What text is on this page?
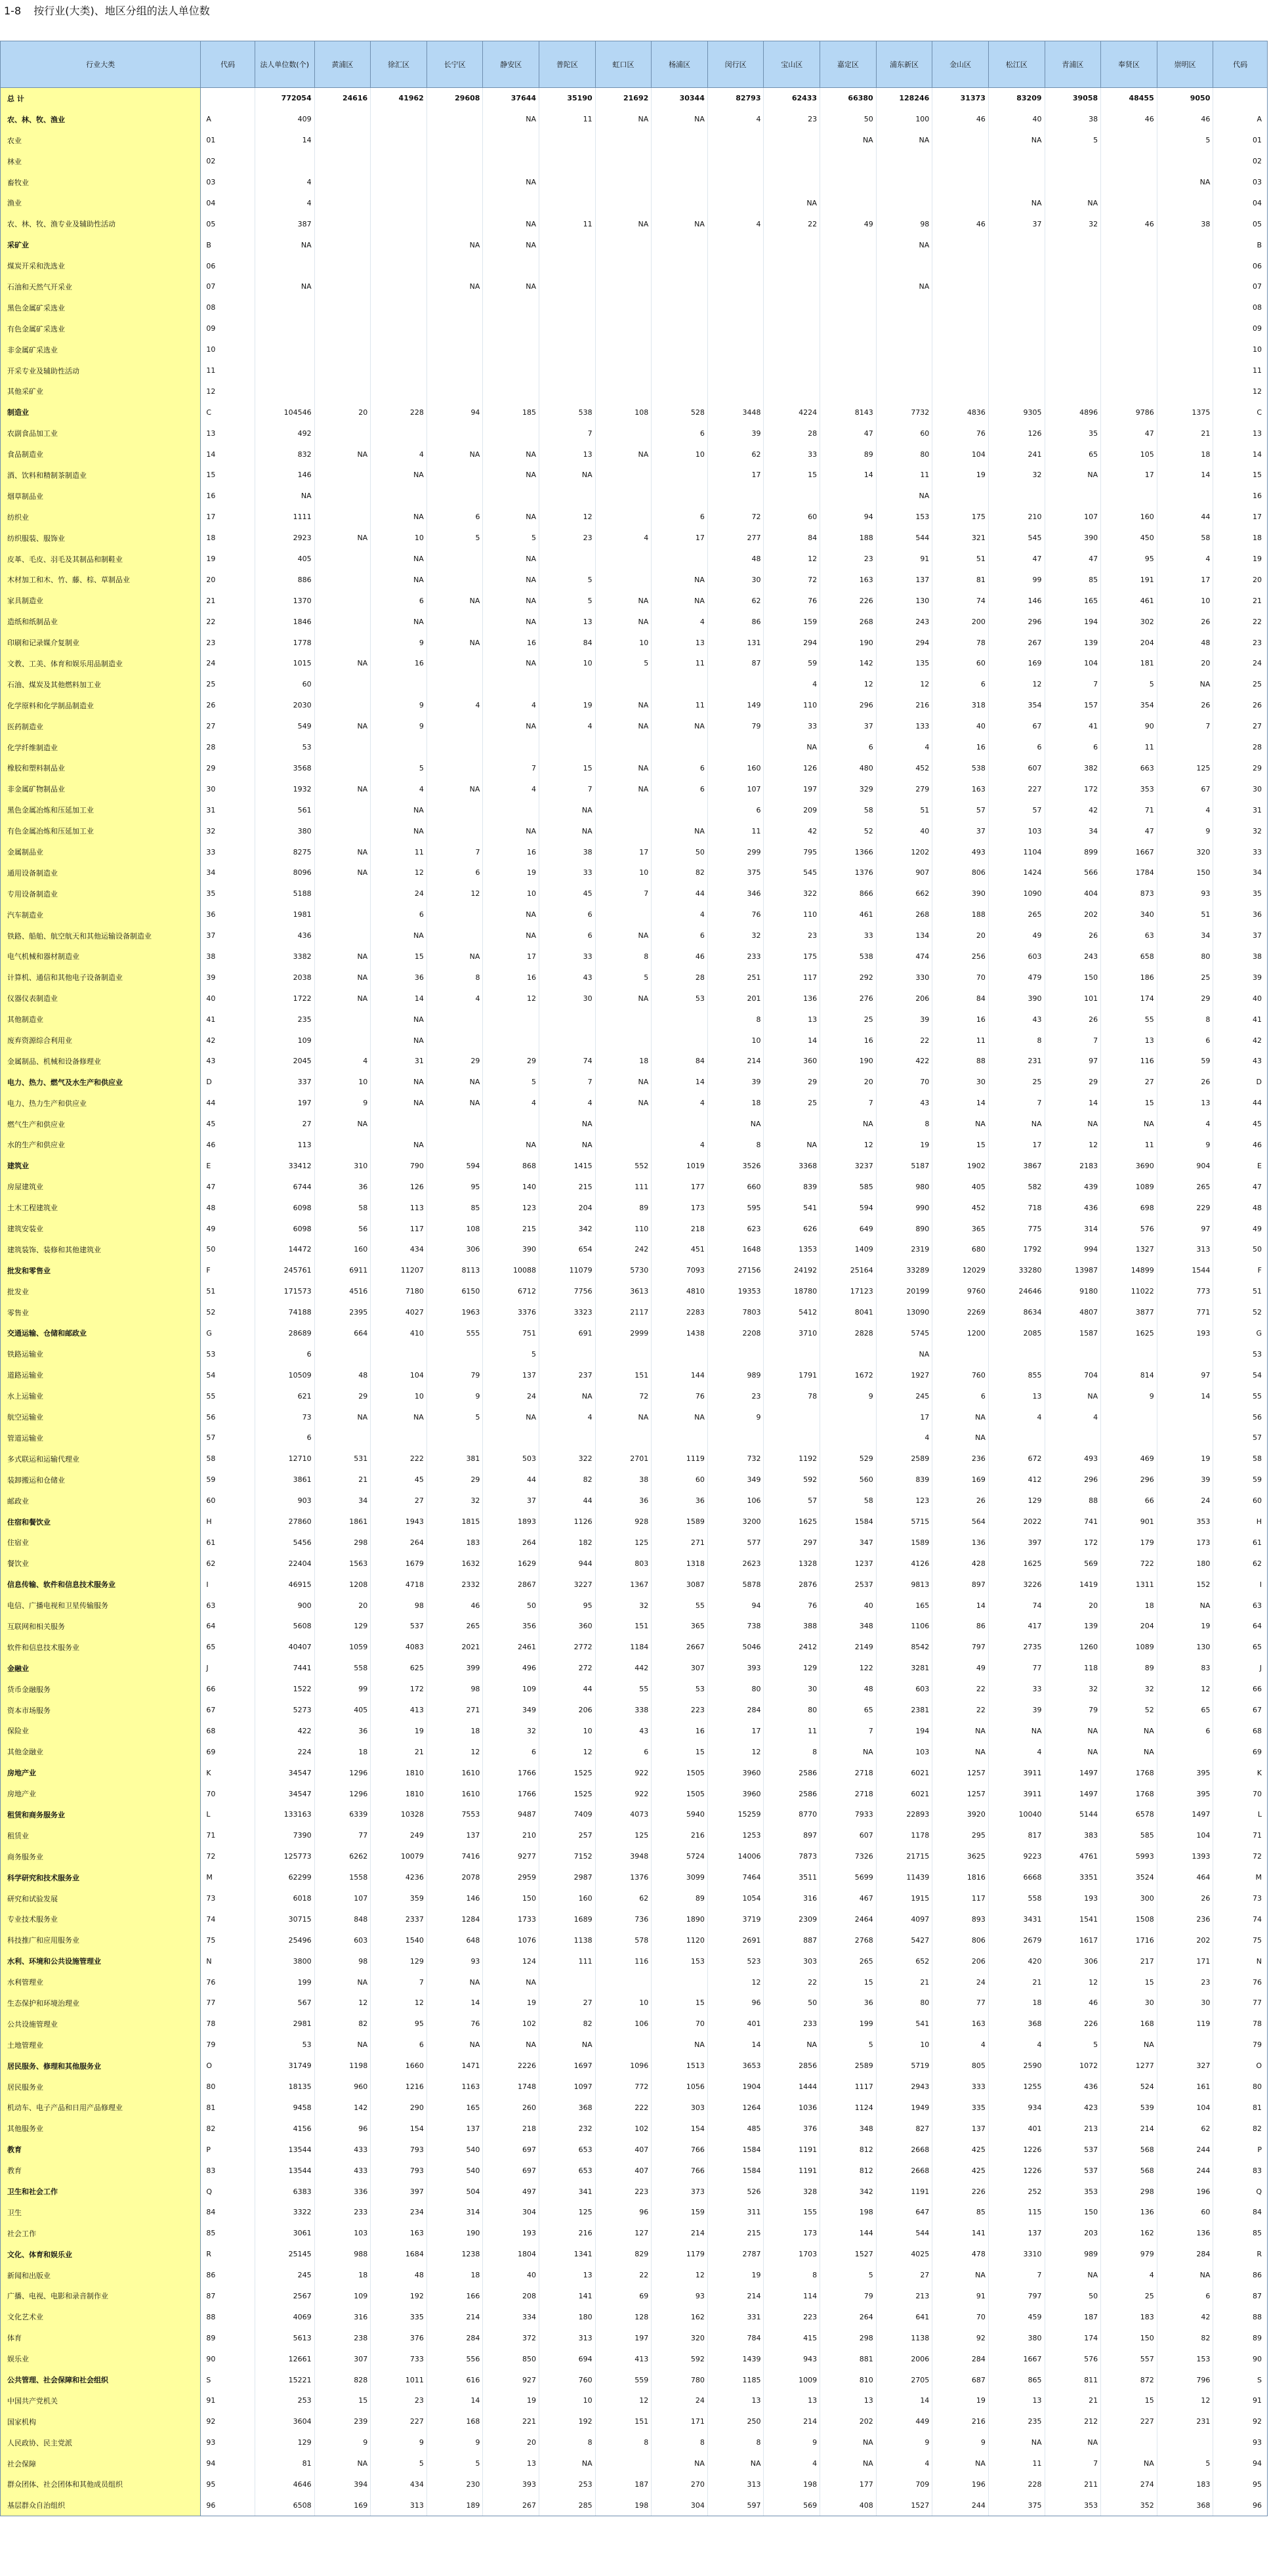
1-8 按行业(大类)、地区分组的法人单位数
行业大类	代码	法人单位数(个)	黄浦区	徐汇区	长宁区	静安区	普陀区	虹口区	杨浦区	闵行区	宝山区	嘉定区	浦东新区	金山区	松江区	青浦区	奉贤区	崇明区	代码
总 计		772054	24616	41962	29608	37644	35190	21692	30344	82793	62433	66380	128246	31373	83209	39058	48455	9050	
农、林、牧、渔业	A	409				NA	11	NA	NA	4	23	50	100	46	40	38	46	46	A
农业	01	14										NA	NA		NA	5		5	01
林业	02																		02
畜牧业	03	4				NA												NA	03
渔业	04	4									NA				NA	NA			04
农、林、牧、渔专业及辅助性活动	05	387				NA	11	NA	NA	4	22	49	98	46	37	32	46	38	05
采矿业	B	NA			NA	NA							NA						B
煤炭开采和洗选业	06																		06
石油和天然气开采业	07	NA			NA	NA							NA						07
黑色金属矿采选业	08																		08
有色金属矿采选业	09																		09
非金属矿采选业	10																		10
开采专业及辅助性活动	11																		11
其他采矿业	12																		12
制造业	C	104546	20	228	94	185	538	108	528	3448	4224	8143	7732	4836	9305	4896	9786	1375	C
农副食品加工业	13	492					7		6	39	28	47	60	76	126	35	47	21	13
食品制造业	14	832	NA	4	NA	NA	13	NA	10	62	33	89	80	104	241	65	105	18	14
酒、饮料和精制茶制造业	15	146		NA		NA	NA			17	15	14	11	19	32	NA	17	14	15
烟草制品业	16	NA											NA						16
纺织业	17	1111		NA	6	NA	12		6	72	60	94	153	175	210	107	160	44	17
纺织服装、服饰业	18	2923	NA	10	5	5	23	4	17	277	84	188	544	321	545	390	450	58	18
皮革、毛皮、羽毛及其制品和制鞋业	19	405		NA		NA				48	12	23	91	51	47	47	95	4	19
木材加工和木、竹、藤、棕、草制品业	20	886		NA		NA	5		NA	30	72	163	137	81	99	85	191	17	20
家具制造业	21	1370		6	NA	NA	5	NA	NA	62	76	226	130	74	146	165	461	10	21
造纸和纸制品业	22	1846		NA		NA	13	NA	4	86	159	268	243	200	296	194	302	26	22
印刷和记录媒介复制业	23	1778		9	NA	16	84	10	13	131	294	190	294	78	267	139	204	48	23
文教、工美、体育和娱乐用品制造业	24	1015	NA	16		NA	10	5	11	87	59	142	135	60	169	104	181	20	24
石油、煤炭及其他燃料加工业	25	60									4	12	12	6	12	7	5	NA	25
化学原料和化学制品制造业	26	2030		9	4	4	19	NA	11	149	110	296	216	318	354	157	354	26	26
医药制造业	27	549	NA	9		NA	4	NA	NA	79	33	37	133	40	67	41	90	7	27
化学纤维制造业	28	53									NA	6	4	16	6	6	11		28
橡胶和塑料制品业	29	3568		5		7	15	NA	6	160	126	480	452	538	607	382	663	125	29
非金属矿物制品业	30	1932	NA	4	NA	4	7	NA	6	107	197	329	279	163	227	172	353	67	30
黑色金属冶炼和压延加工业	31	561		NA			NA			6	209	58	51	57	57	42	71	4	31
有色金属冶炼和压延加工业	32	380		NA		NA	NA		NA	11	42	52	40	37	103	34	47	9	32
金属制品业	33	8275	NA	11	7	16	38	17	50	299	795	1366	1202	493	1104	899	1667	320	33
通用设备制造业	34	8096	NA	12	6	19	33	10	82	375	545	1376	907	806	1424	566	1784	150	34
专用设备制造业	35	5188		24	12	10	45	7	44	346	322	866	662	390	1090	404	873	93	35
汽车制造业	36	1981		6		NA	6		4	76	110	461	268	188	265	202	340	51	36
铁路、船舶、航空航天和其他运输设备制造业	37	436		NA		NA	6	NA	6	32	23	33	134	20	49	26	63	34	37
电气机械和器材制造业	38	3382	NA	15	NA	17	33	8	46	233	175	538	474	256	603	243	658	80	38
计算机、通信和其他电子设备制造业	39	2038	NA	36	8	16	43	5	28	251	117	292	330	70	479	150	186	25	39
仪器仪表制造业	40	1722	NA	14	4	12	30	NA	53	201	136	276	206	84	390	101	174	29	40
其他制造业	41	235		NA						8	13	25	39	16	43	26	55	8	41
废弃资源综合利用业	42	109		NA						10	14	16	22	11	8	7	13	6	42
金属制品、机械和设备修理业	43	2045	4	31	29	29	74	18	84	214	360	190	422	88	231	97	116	59	43
电力、热力、燃气及水生产和供应业	D	337	10	NA	NA	5	7	NA	14	39	29	20	70	30	25	29	27	26	D
电力、热力生产和供应业	44	197	9	NA	NA	4	4	NA	4	18	25	7	43	14	7	14	15	13	44
燃气生产和供应业	45	27	NA				NA			NA		NA	8	NA	NA	NA	NA	4	45
水的生产和供应业	46	113		NA		NA	NA		4	8	NA	12	19	15	17	12	11	9	46
建筑业	E	33412	310	790	594	868	1415	552	1019	3526	3368	3237	5187	1902	3867	2183	3690	904	E
房屋建筑业	47	6744	36	126	95	140	215	111	177	660	839	585	980	405	582	439	1089	265	47
土木工程建筑业	48	6098	58	113	85	123	204	89	173	595	541	594	990	452	718	436	698	229	48
建筑安装业	49	6098	56	117	108	215	342	110	218	623	626	649	890	365	775	314	576	97	49
建筑装饰、装修和其他建筑业	50	14472	160	434	306	390	654	242	451	1648	1353	1409	2319	680	1792	994	1327	313	50
批发和零售业	F	245761	6911	11207	8113	10088	11079	5730	7093	27156	24192	25164	33289	12029	33280	13987	14899	1544	F
批发业	51	171573	4516	7180	6150	6712	7756	3613	4810	19353	18780	17123	20199	9760	24646	9180	11022	773	51
零售业	52	74188	2395	4027	1963	3376	3323	2117	2283	7803	5412	8041	13090	2269	8634	4807	3877	771	52
交通运输、仓储和邮政业	G	28689	664	410	555	751	691	2999	1438	2208	3710	2828	5745	1200	2085	1587	1625	193	G
铁路运输业	53	6				5							NA						53
道路运输业	54	10509	48	104	79	137	237	151	144	989	1791	1672	1927	760	855	704	814	97	54
水上运输业	55	621	29	10	9	24	NA	72	76	23	78	9	245	6	13	NA	9	14	55
航空运输业	56	73	NA	NA	5	NA	4	NA	NA	9			17	NA	4	4			56
管道运输业	57	6											4	NA					57
多式联运和运输代理业	58	12710	531	222	381	503	322	2701	1119	732	1192	529	2589	236	672	493	469	19	58
装卸搬运和仓储业	59	3861	21	45	29	44	82	38	60	349	592	560	839	169	412	296	296	39	59
邮政业	60	903	34	27	32	37	44	36	36	106	57	58	123	26	129	88	66	24	60
住宿和餐饮业	H	27860	1861	1943	1815	1893	1126	928	1589	3200	1625	1584	5715	564	2022	741	901	353	H
住宿业	61	5456	298	264	183	264	182	125	271	577	297	347	1589	136	397	172	179	173	61
餐饮业	62	22404	1563	1679	1632	1629	944	803	1318	2623	1328	1237	4126	428	1625	569	722	180	62
信息传输、软件和信息技术服务业	I	46915	1208	4718	2332	2867	3227	1367	3087	5878	2876	2537	9813	897	3226	1419	1311	152	I
电信、广播电视和卫星传输服务	63	900	20	98	46	50	95	32	55	94	76	40	165	14	74	20	18	NA	63
互联网和相关服务	64	5608	129	537	265	356	360	151	365	738	388	348	1106	86	417	139	204	19	64
软件和信息技术服务业	65	40407	1059	4083	2021	2461	2772	1184	2667	5046	2412	2149	8542	797	2735	1260	1089	130	65
金融业	J	7441	558	625	399	496	272	442	307	393	129	122	3281	49	77	118	89	83	J
货币金融服务	66	1522	99	172	98	109	44	55	53	80	30	48	603	22	33	32	32	12	66
资本市场服务	67	5273	405	413	271	349	206	338	223	284	80	65	2381	22	39	79	52	65	67
保险业	68	422	36	19	18	32	10	43	16	17	11	7	194	NA	NA	NA	NA	6	68
其他金融业	69	224	18	21	12	6	12	6	15	12	8	NA	103	NA	4	NA	NA		69
房地产业	K	34547	1296	1810	1610	1766	1525	922	1505	3960	2586	2718	6021	1257	3911	1497	1768	395	K
房地产业	70	34547	1296	1810	1610	1766	1525	922	1505	3960	2586	2718	6021	1257	3911	1497	1768	395	70
租赁和商务服务业	L	133163	6339	10328	7553	9487	7409	4073	5940	15259	8770	7933	22893	3920	10040	5144	6578	1497	L
租赁业	71	7390	77	249	137	210	257	125	216	1253	897	607	1178	295	817	383	585	104	71
商务服务业	72	125773	6262	10079	7416	9277	7152	3948	5724	14006	7873	7326	21715	3625	9223	4761	5993	1393	72
科学研究和技术服务业	M	62299	1558	4236	2078	2959	2987	1376	3099	7464	3511	5699	11439	1816	6668	3351	3524	464	M
研究和试验发展	73	6018	107	359	146	150	160	62	89	1054	316	467	1915	117	558	193	300	26	73
专业技术服务业	74	30715	848	2337	1284	1733	1689	736	1890	3719	2309	2464	4097	893	3431	1541	1508	236	74
科技推广和应用服务业	75	25496	603	1540	648	1076	1138	578	1120	2691	887	2768	5427	806	2679	1617	1716	202	75
水利、环境和公共设施管理业	N	3800	98	129	93	124	111	116	153	523	303	265	652	206	420	306	217	171	N
水利管理业	76	199	NA	7	NA	NA				12	22	15	21	24	21	12	15	23	76
生态保护和环境治理业	77	567	12	12	14	19	27	10	15	96	50	36	80	77	18	46	30	30	77
公共设施管理业	78	2981	82	95	76	102	82	106	70	401	233	199	541	163	368	226	168	119	78
土地管理业	79	53	NA	6	NA	NA	NA		NA	14	NA	5	10	4	4	5	NA		79
居民服务、修理和其他服务业	O	31749	1198	1660	1471	2226	1697	1096	1513	3653	2856	2589	5719	805	2590	1072	1277	327	O
居民服务业	80	18135	960	1216	1163	1748	1097	772	1056	1904	1444	1117	2943	333	1255	436	524	161	80
机动车、电子产品和日用产品修理业	81	9458	142	290	165	260	368	222	303	1264	1036	1124	1949	335	934	423	539	104	81
其他服务业	82	4156	96	154	137	218	232	102	154	485	376	348	827	137	401	213	214	62	82
教育	P	13544	433	793	540	697	653	407	766	1584	1191	812	2668	425	1226	537	568	244	P
教育	83	13544	433	793	540	697	653	407	766	1584	1191	812	2668	425	1226	537	568	244	83
卫生和社会工作	Q	6383	336	397	504	497	341	223	373	526	328	342	1191	226	252	353	298	196	Q
卫生	84	3322	233	234	314	304	125	96	159	311	155	198	647	85	115	150	136	60	84
社会工作	85	3061	103	163	190	193	216	127	214	215	173	144	544	141	137	203	162	136	85
文化、体育和娱乐业	R	25145	988	1684	1238	1804	1341	829	1179	2787	1703	1527	4025	478	3310	989	979	284	R
新闻和出版业	86	245	18	48	18	40	13	22	12	19	8	5	27	NA	7	NA	4	NA	86
广播、电视、电影和录音制作业	87	2567	109	192	166	208	141	69	93	214	114	79	213	91	797	50	25	6	87
文化艺术业	88	4069	316	335	214	334	180	128	162	331	223	264	641	70	459	187	183	42	88
体育	89	5613	238	376	284	372	313	197	320	784	415	298	1138	92	380	174	150	82	89
娱乐业	90	12661	307	733	556	850	694	413	592	1439	943	881	2006	284	1667	576	557	153	90
公共管理、社会保障和社会组织	S	15221	828	1011	616	927	760	559	780	1185	1009	810	2705	687	865	811	872	796	S
中国共产党机关	91	253	15	23	14	19	10	12	24	13	13	13	14	19	13	21	15	12	91
国家机构	92	3604	239	227	168	221	192	151	171	250	214	202	449	216	235	212	227	231	92
人民政协、民主党派	93	129	9	9	9	20	8	8	8	8	9	NA	9	9	NA	NA			93
社会保障	94	81	NA	5	5	13	NA		NA	NA	4	NA	4	NA	11	7	NA	5	94
群众团体、社会团体和其他成员组织	95	4646	394	434	230	393	253	187	270	313	198	177	709	196	228	211	274	183	95
基层群众自治组织	96	6508	169	313	189	267	285	198	304	597	569	408	1527	244	375	353	352	368	96
